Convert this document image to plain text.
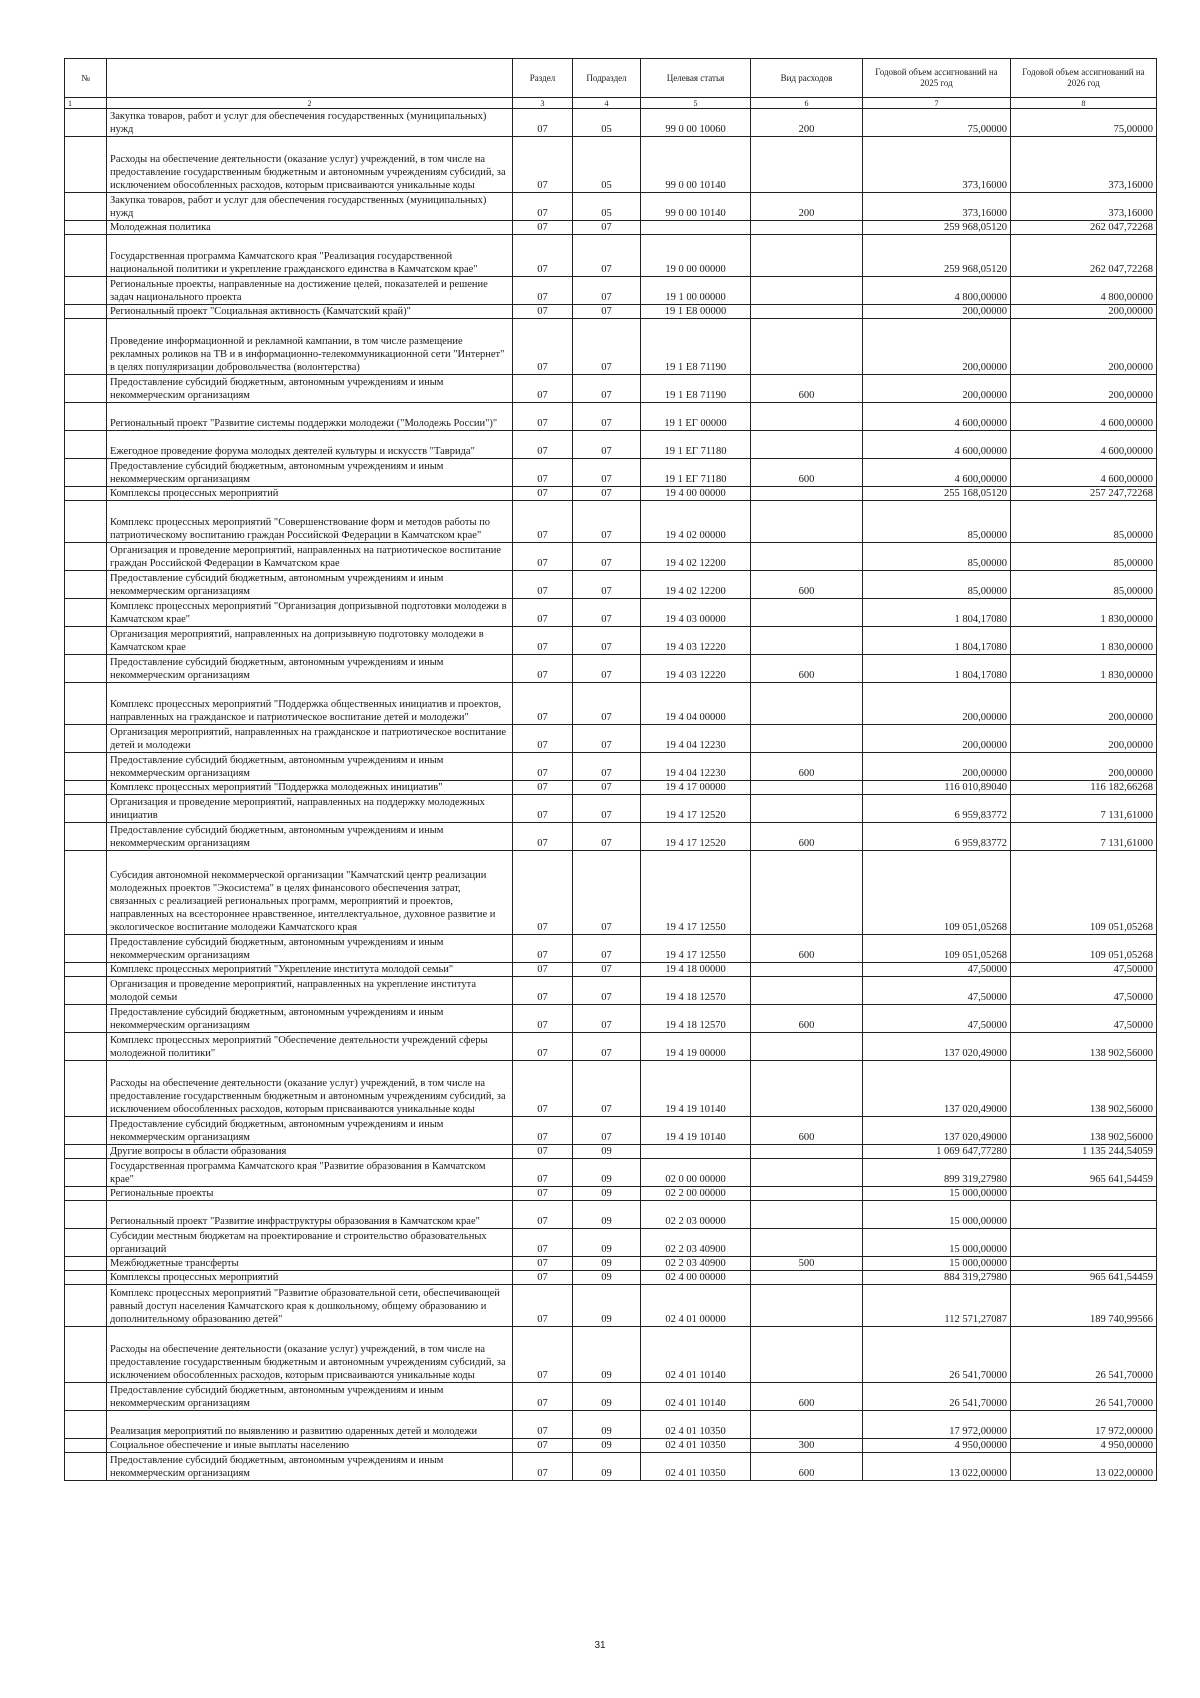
№		Раздел	Подраздел	Целевая статья	Вид расходов	Годовой объем ассигнований на 2025 год	Годовой объем ассигнований на 2026 год
1	2	3	4	5	6	7	8
	Закупка товаров, работ и услуг для обеспечения государственных (муниципальных) нужд	07	05	99 0 00 10060	200	75,00000	75,00000
	Расходы на обеспечение деятельности (оказание услуг) учреждений, в том числе на предоставление государственным бюджетным и автономным учреждениям субсидий, за исключением обособленных расходов, которым присваиваются уникальные коды	07	05	99 0 00 10140		373,16000	373,16000
	Закупка товаров, работ и услуг для обеспечения государственных (муниципальных) нужд	07	05	99 0 00 10140	200	373,16000	373,16000
	Молодежная политика	07	07			259 968,05120	262 047,72268
	Государственная программа Камчатского края "Реализация государственной национальной политики и укрепление гражданского единства в Камчатском крае"	07	07	19 0 00 00000		259 968,05120	262 047,72268
	Региональные проекты, направленные на достижение целей, показателей и решение задач национального проекта	07	07	19 1 00 00000		4 800,00000	4 800,00000
	Региональный проект "Социальная активность (Камчатский край)"	07	07	19 1 E8 00000		200,00000	200,00000
	Проведение информационной и рекламной кампании, в том числе размещение рекламных роликов на ТВ и в информационно-телекоммуникационной сети "Интернет" в целях популяризации добровольчества (волонтерства)	07	07	19 1 E8 71190		200,00000	200,00000
	Предоставление субсидий бюджетным, автономным учреждениям и иным некоммерческим организациям	07	07	19 1 E8 71190	600	200,00000	200,00000
	Региональный проект "Развитие системы поддержки молодежи ("Молодежь России")"	07	07	19 1 EГ 00000		4 600,00000	4 600,00000
	Ежегодное проведение форума молодых деятелей культуры и искусств "Таврида"	07	07	19 1 EГ 71180		4 600,00000	4 600,00000
	Предоставление субсидий бюджетным, автономным учреждениям и иным некоммерческим организациям	07	07	19 1 EГ 71180	600	4 600,00000	4 600,00000
	Комплексы процессных мероприятий	07	07	19 4 00 00000		255 168,05120	257 247,72268
	Комплекс процессных мероприятий "Совершенствование форм и методов работы по патриотическому воспитанию граждан Российской Федерации в Камчатском крае"	07	07	19 4 02 00000		85,00000	85,00000
	Организация и проведение мероприятий, направленных на патриотическое воспитание граждан Российской Федерации в Камчатском крае	07	07	19 4 02 12200		85,00000	85,00000
	Предоставление субсидий бюджетным, автономным учреждениям и иным некоммерческим организациям	07	07	19 4 02 12200	600	85,00000	85,00000
	Комплекс процессных мероприятий "Организация допризывной подготовки молодежи в Камчатском крае"	07	07	19 4 03 00000		1 804,17080	1 830,00000
	Организация мероприятий, направленных на допризывную подготовку молодежи в Камчатском крае	07	07	19 4 03 12220		1 804,17080	1 830,00000
	Предоставление субсидий бюджетным, автономным учреждениям и иным некоммерческим организациям	07	07	19 4 03 12220	600	1 804,17080	1 830,00000
	Комплекс процессных мероприятий "Поддержка общественных инициатив и проектов, направленных на гражданское и патриотическое воспитание детей и молодежи"	07	07	19 4 04 00000		200,00000	200,00000
	Организация мероприятий, направленных на гражданское и патриотическое воспитание детей и молодежи	07	07	19 4 04 12230		200,00000	200,00000
	Предоставление субсидий бюджетным, автономным учреждениям и иным некоммерческим организациям	07	07	19 4 04 12230	600	200,00000	200,00000
	Комплекс процессных мероприятий "Поддержка молодежных инициатив"	07	07	19 4 17 00000		116 010,89040	116 182,66268
	Организация и проведение мероприятий, направленных на поддержку молодежных инициатив	07	07	19 4 17 12520		6 959,83772	7 131,61000
	Предоставление субсидий бюджетным, автономным учреждениям и иным некоммерческим организациям	07	07	19 4 17 12520	600	6 959,83772	7 131,61000
	Субсидия автономной некоммерческой организации "Камчатский центр реализации молодежных проектов "Экосистема" в целях финансового обеспечения затрат, связанных с реализацией региональных программ, мероприятий и проектов, направленных на всестороннее нравственное, интеллектуальное, духовное развитие и экологическое воспитание молодежи Камчатского края	07	07	19 4 17 12550		109 051,05268	109 051,05268
	Предоставление субсидий бюджетным, автономным учреждениям и иным некоммерческим организациям	07	07	19 4 17 12550	600	109 051,05268	109 051,05268
	Комплекс процессных мероприятий "Укрепление института молодой семьи"	07	07	19 4 18 00000		47,50000	47,50000
	Организация и проведение мероприятий, направленных на укрепление института молодой семьи	07	07	19 4 18 12570		47,50000	47,50000
	Предоставление субсидий бюджетным, автономным учреждениям и иным некоммерческим организациям	07	07	19 4 18 12570	600	47,50000	47,50000
	Комплекс процессных мероприятий "Обеспечение деятельности учреждений сферы молодежной политики"	07	07	19 4 19 00000		137 020,49000	138 902,56000
	Расходы на обеспечение деятельности (оказание услуг) учреждений, в том числе на предоставление государственным бюджетным и автономным учреждениям субсидий, за исключением обособленных расходов, которым присваиваются уникальные коды	07	07	19 4 19 10140		137 020,49000	138 902,56000
	Предоставление субсидий бюджетным, автономным учреждениям и иным некоммерческим организациям	07	07	19 4 19 10140	600	137 020,49000	138 902,56000
	Другие вопросы в области образования	07	09			1 069 647,77280	1 135 244,54059
	Государственная программа Камчатского края "Развитие образования в Камчатском крае"	07	09	02 0 00 00000		899 319,27980	965 641,54459
	Региональные проекты	07	09	02 2 00 00000		15 000,00000	
	Региональный проект "Развитие инфраструктуры образования в Камчатском крае"	07	09	02 2 03 00000		15 000,00000	
	Субсидии местным бюджетам на проектирование и строительство образовательных организаций	07	09	02 2 03 40900		15 000,00000	
	Межбюджетные трансферты	07	09	02 2 03 40900	500	15 000,00000	
	Комплексы процессных мероприятий	07	09	02 4 00 00000		884 319,27980	965 641,54459
	Комплекс процессных мероприятий "Развитие образовательной сети, обеспечивающей равный доступ населения Камчатского края к дошкольному, общему образованию и дополнительному образованию детей"	07	09	02 4 01 00000		112 571,27087	189 740,99566
	Расходы на обеспечение деятельности (оказание услуг) учреждений, в том числе на предоставление государственным бюджетным и автономным учреждениям субсидий, за исключением обособленных расходов, которым присваиваются уникальные коды	07	09	02 4 01 10140		26 541,70000	26 541,70000
	Предоставление субсидий бюджетным, автономным учреждениям и иным некоммерческим организациям	07	09	02 4 01 10140	600	26 541,70000	26 541,70000
	Реализация мероприятий по выявлению и развитию одаренных детей и молодежи	07	09	02 4 01 10350		17 972,00000	17 972,00000
	Социальное обеспечение и иные выплаты населению	07	09	02 4 01 10350	300	4 950,00000	4 950,00000
	Предоставление субсидий бюджетным, автономным учреждениям и иным некоммерческим организациям	07	09	02 4 01 10350	600	13 022,00000	13 022,00000
31
